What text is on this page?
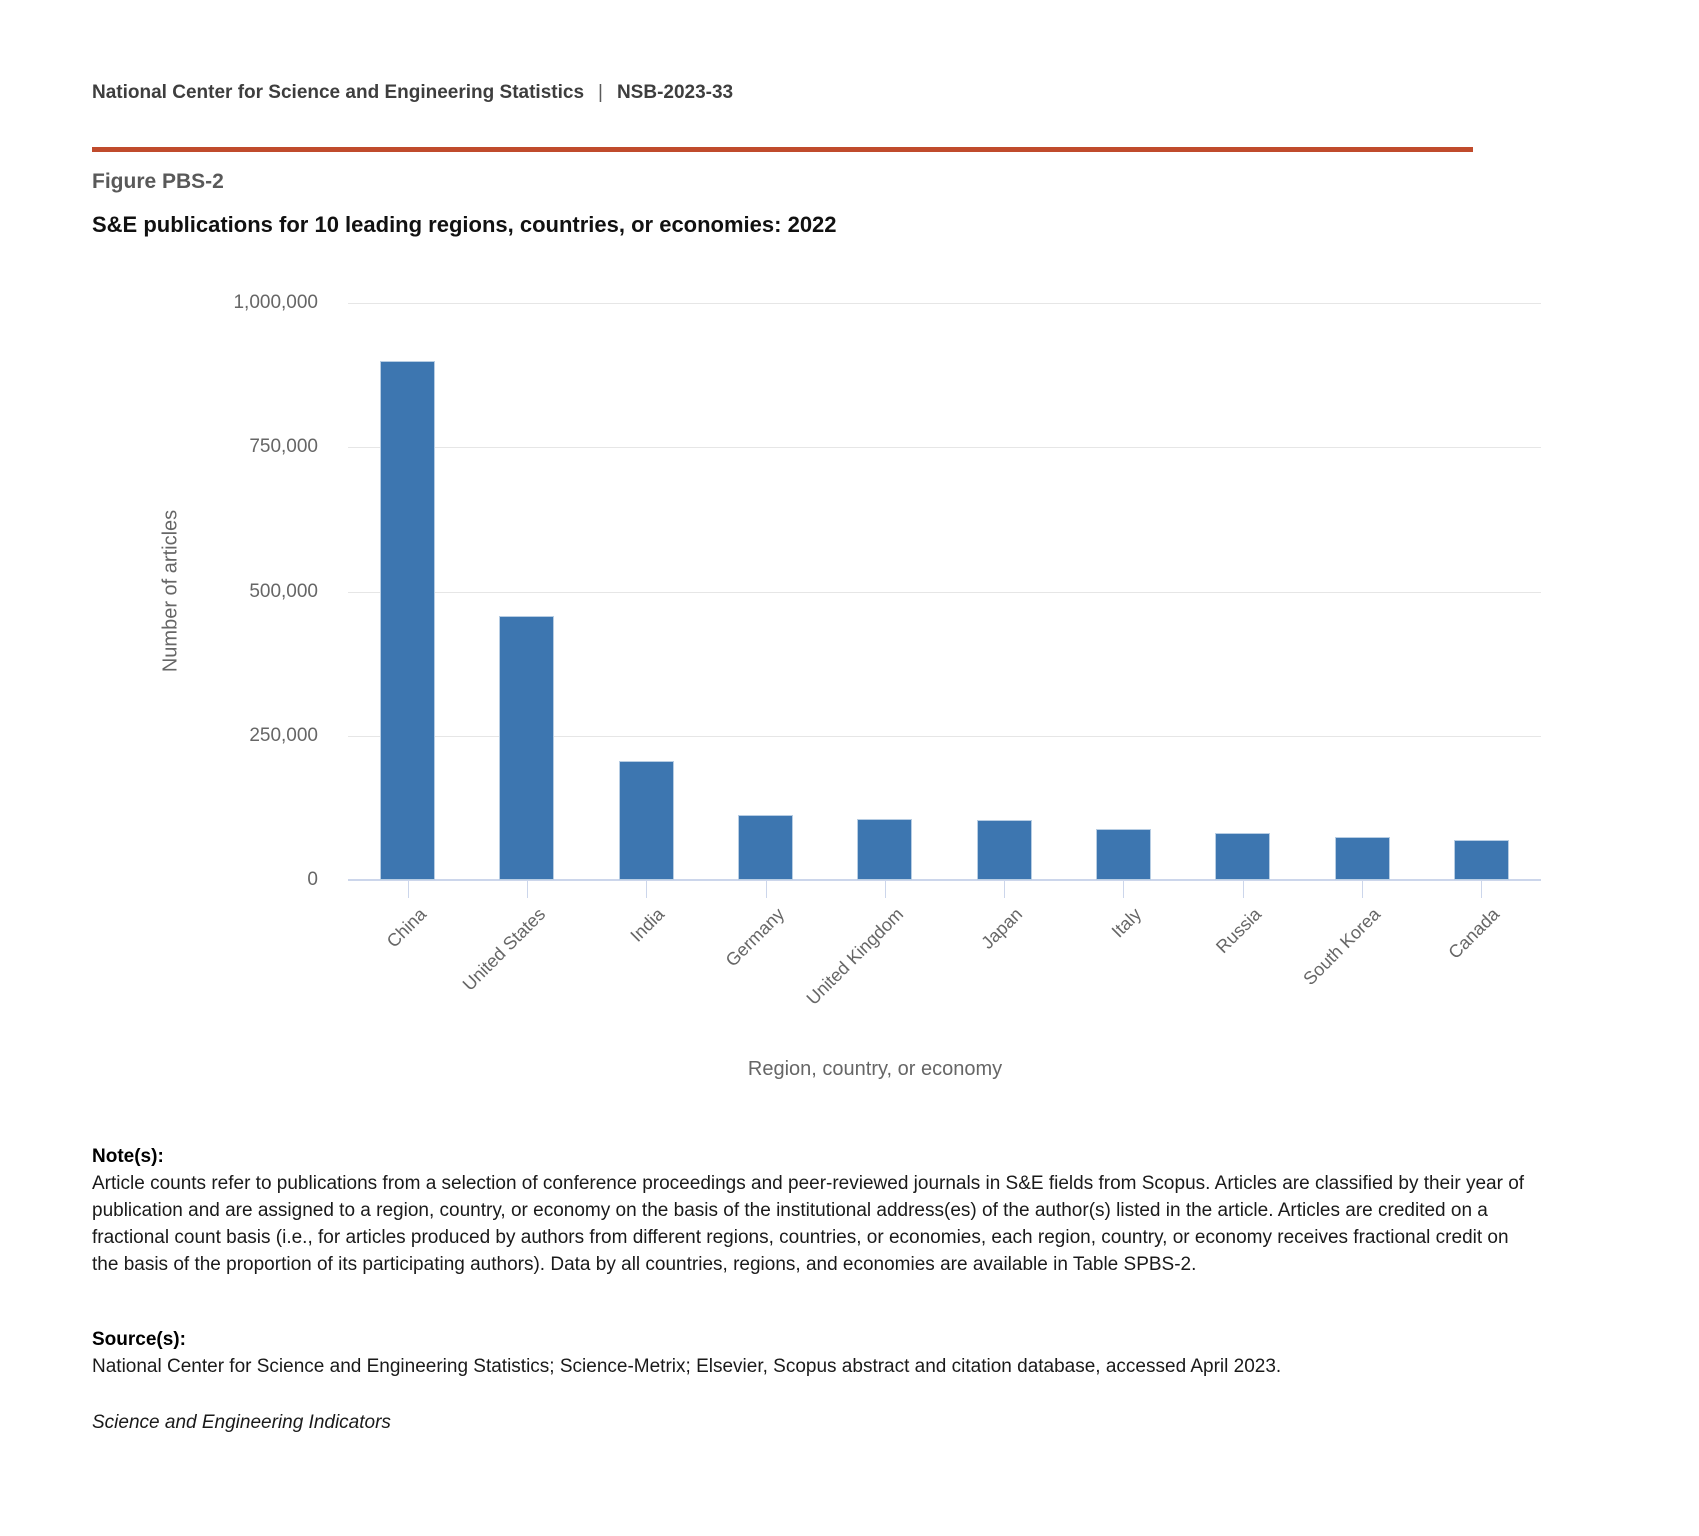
National Center for Science and Engineering Statistics | NSB-2023-33
Figure PBS-2
S&E publications for 10 leading regions, countries, or economies: 2022
Number of articles
China United States	India	Germany United Kingdom	Japan	Italy	Russia South Korea	Canada
Region, country, or economy
0
250,000
500,000
750,000
1,000,000
Note(s):
Article counts refer to publications from a selection of conference proceedings and peer-reviewed journals in S&E fields from Scopus. Articles are classified by their year of publication and are assigned to a region, country, or economy on the basis of the institutional address(es) of the author(s) listed in the article. Articles are credited on a fractional count basis (i.e., for articles produced by authors from different regions, countries, or economies, each region, country, or economy receives fractional credit on the basis of the proportion of its participating authors). Data by all countries, regions, and economies are available in Table SPBS-2.
Source(s):
National Center for Science and Engineering Statistics; Science-Metrix; Elsevier, Scopus abstract and citation database, accessed April 2023.
Science and Engineering Indicators
